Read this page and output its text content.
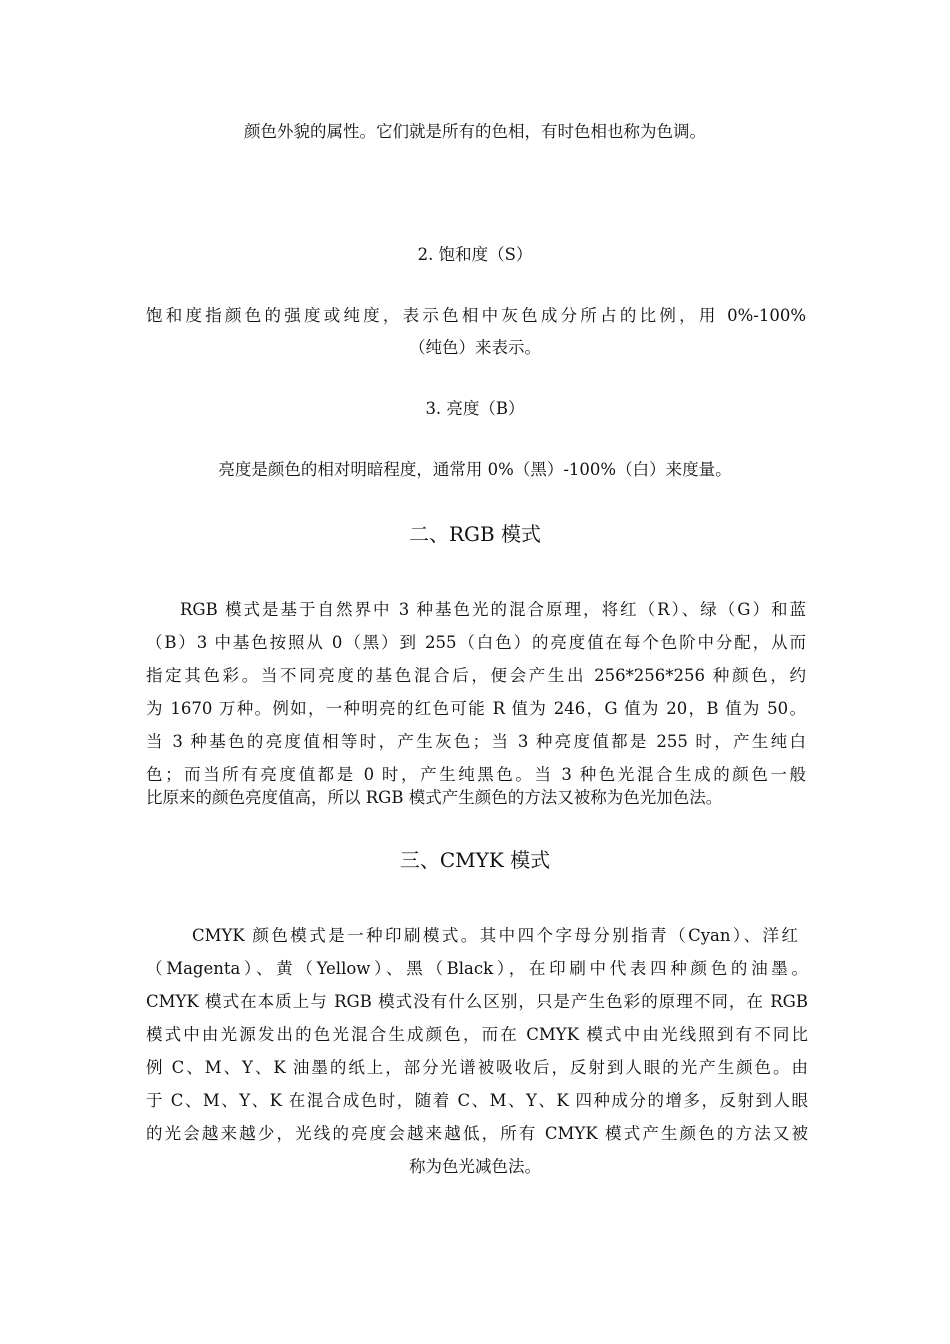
颜色外貌的属性。它们就是所有的色相，有时色相也称为色调。
2. 饱和度（S）
饱和度指颜色的强度或纯度，表示色相中灰色成分所占的比例，用 0%-100%
（纯色）来表示。
3. 亮度（B）
亮度是颜色的相对明暗程度，通常用 0%（黑）-100%（白）来度量。
二、RGB 模式
RGB 模式是基于自然界中 3 种基色光的混合原理，将红（R）、绿（G）和蓝
（B）3 中基色按照从 0（黑）到 255（白色）的亮度值在每个色阶中分配，从而
指定其色彩。当不同亮度的基色混合后，便会产生出 256*256*256 种颜色，约
为 1670 万种。例如，一种明亮的红色可能 R 值为 246，G 值为 20，B 值为 50。
当 3 种基色的亮度值相等时，产生灰色；当 3 种亮度值都是 255 时，产生纯白
色；而当所有亮度值都是 0 时，产生纯黑色。当 3 种色光混合生成的颜色一般
比原来的颜色亮度值高，所以 RGB 模式产生颜色的方法又被称为色光加色法。
三、CMYK 模式
CMYK 颜色模式是一种印刷模式。其中四个字母分别指青（Cyan）、洋红
（Magenta）、黄（Yellow）、黑（Black），在印刷中代表四种颜色的油墨。
CMYK 模式在本质上与 RGB 模式没有什么区别，只是产生色彩的原理不同，在 RGB
模式中由光源发出的色光混合生成颜色，而在 CMYK 模式中由光线照到有不同比
例 C、M、Y、K 油墨的纸上，部分光谱被吸收后，反射到人眼的光产生颜色。由
于 C、M、Y、K 在混合成色时，随着 C、M、Y、K 四种成分的增多，反射到人眼
的光会越来越少，光线的亮度会越来越低，所有 CMYK 模式产生颜色的方法又被
称为色光减色法。
